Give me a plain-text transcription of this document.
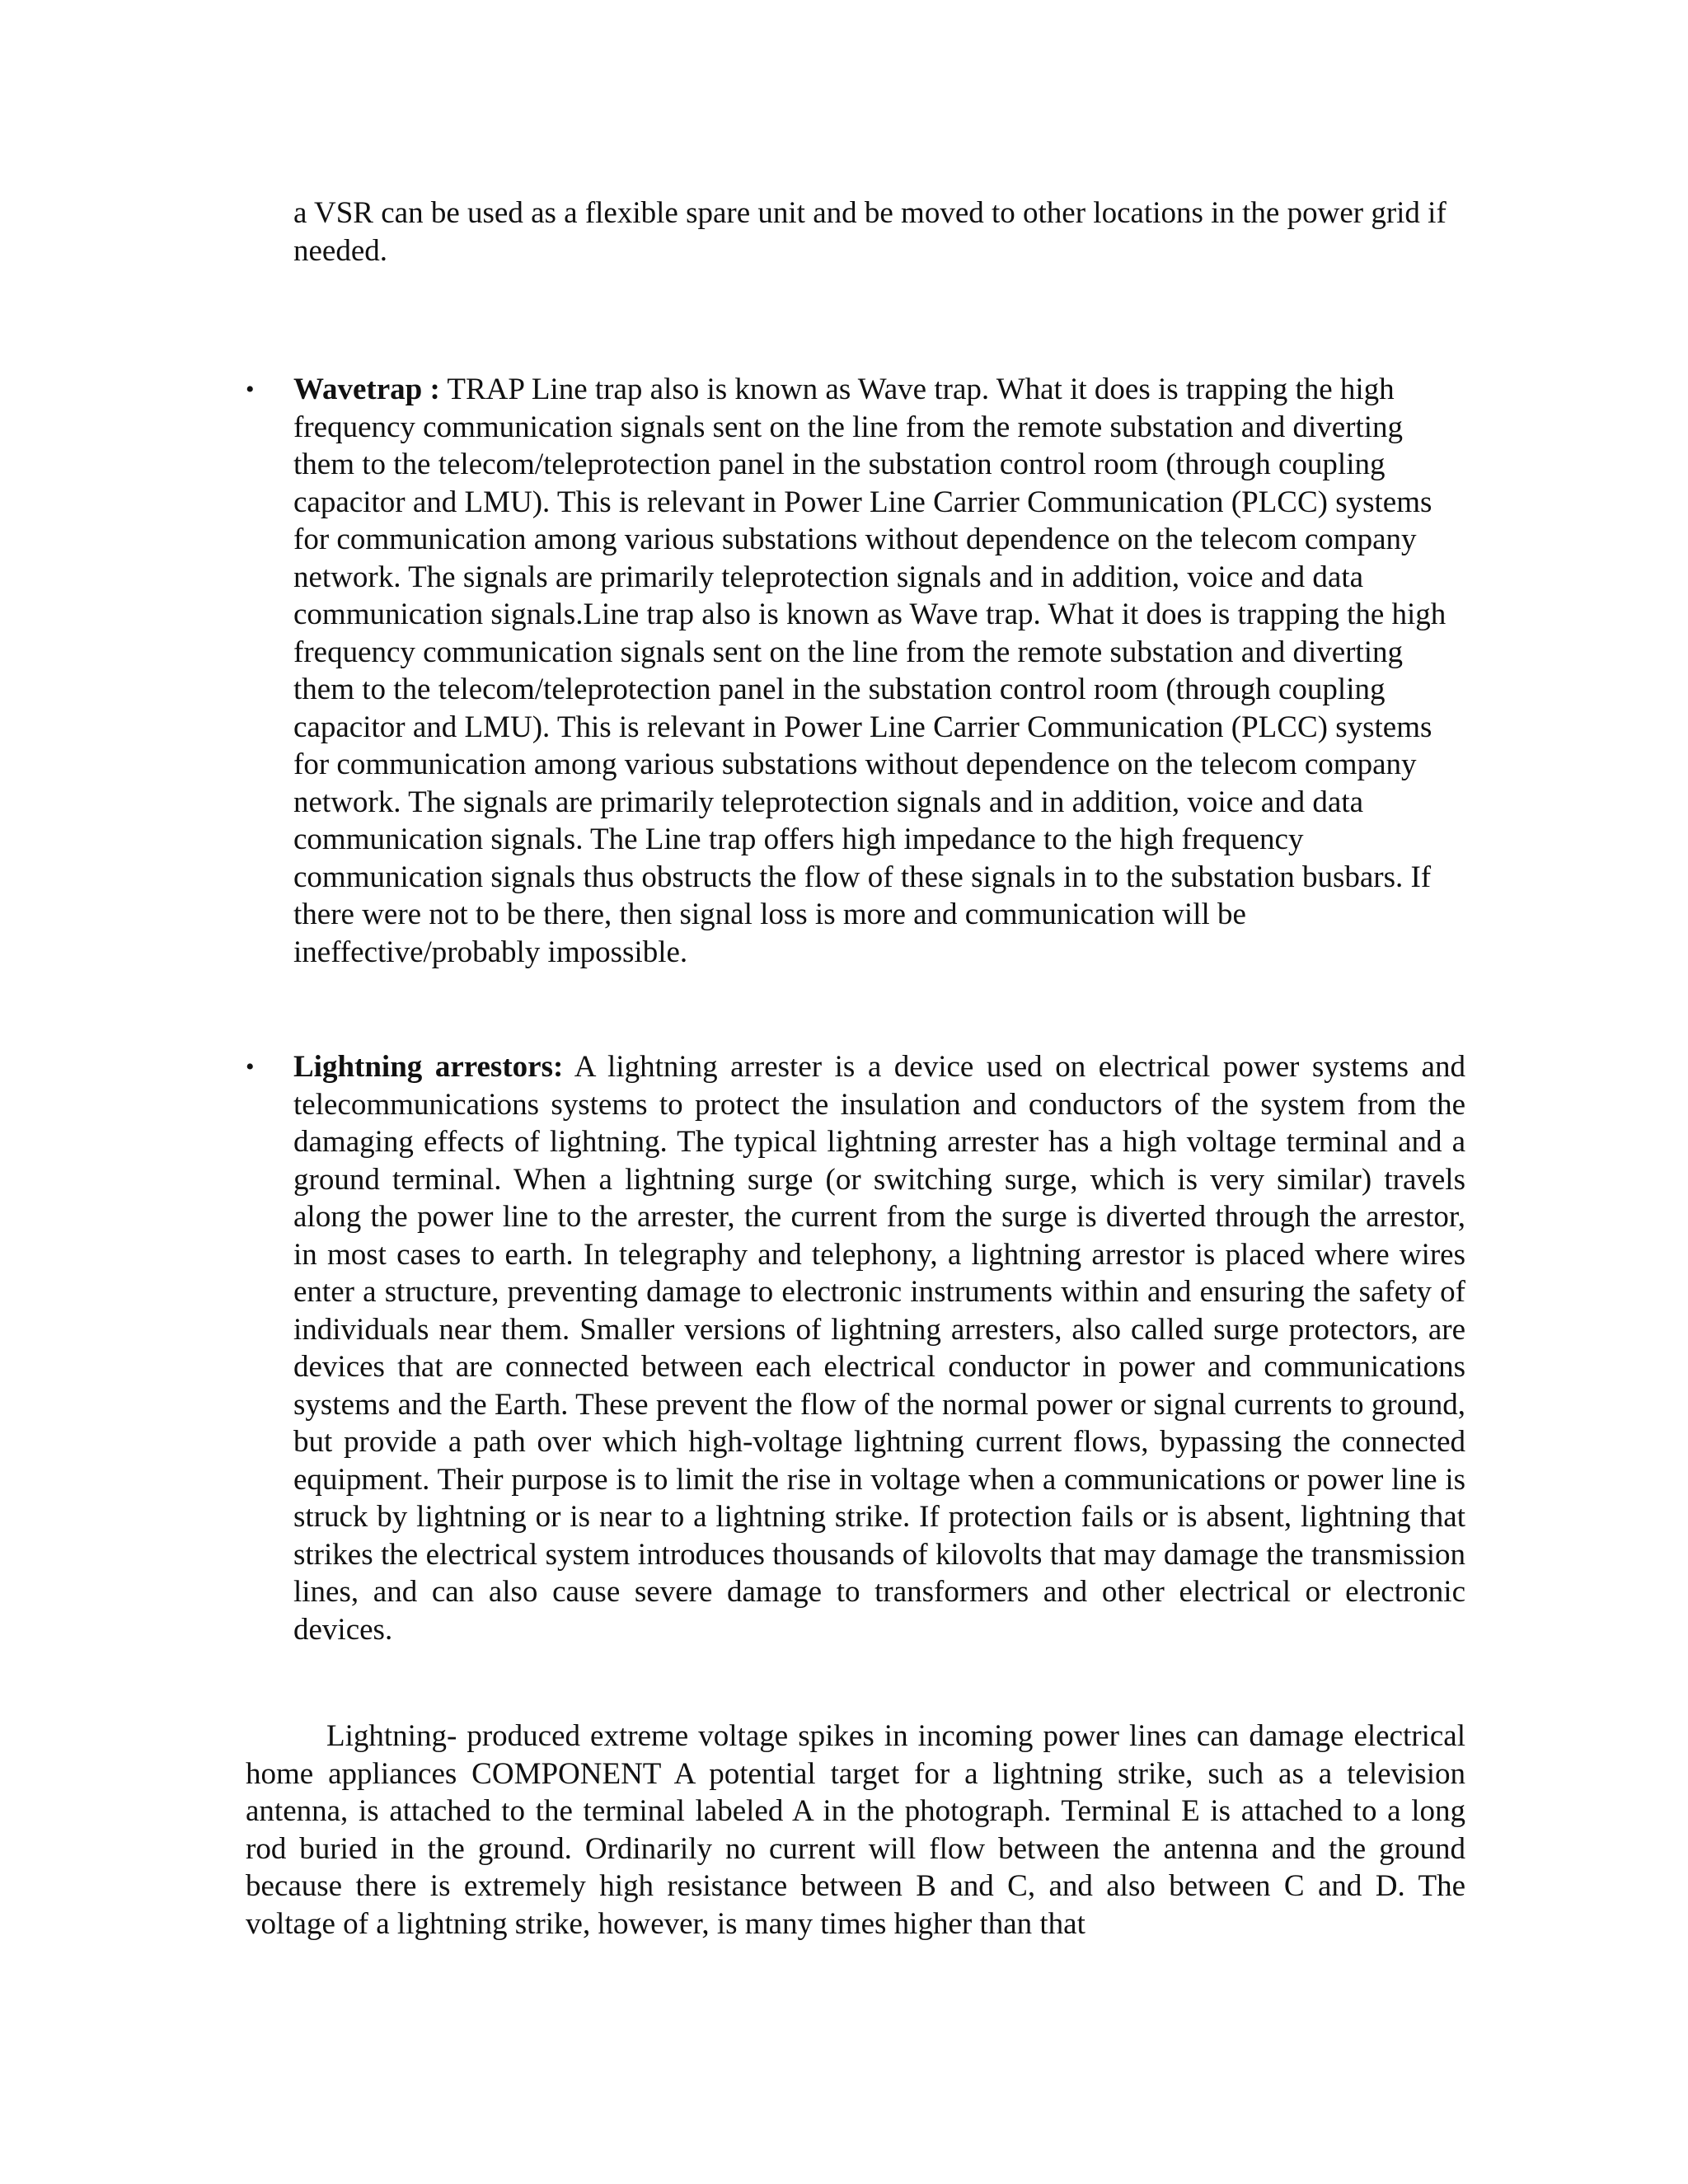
a VSR can be used as a flexible spare unit and be moved to other locations in the power grid if needed.

• Wavetrap : TRAP Line trap also is known as Wave trap. What it does is trapping the high frequency communication signals sent on the line from the remote substation and diverting them to the telecom/teleprotection panel in the substation control room (through coupling capacitor and LMU). This is relevant in Power Line Carrier Communication (PLCC) systems for communication among various substations without dependence on the telecom company network. The signals are primarily teleprotection signals and in addition, voice and data communication signals.Line trap also is known as Wave trap. What it does is trapping the high frequency communication signals sent on the line from the remote substation and diverting them to the telecom/teleprotection panel in the substation control room (through coupling capacitor and LMU). This is relevant in Power Line Carrier Communication (PLCC) systems for communication among various substations without dependence on the telecom company network. The signals are primarily teleprotection signals and in addition, voice and data communication signals. The Line trap offers high impedance to the high frequency communication signals thus obstructs the flow of these signals in to the substation busbars. If there were not to be there, then signal loss is more and communication will be ineffective/probably impossible.

• Lightning arrestors: A lightning arrester is a device used on electrical power systems and telecommunications systems to protect the insulation and conductors of the system from the damaging effects of lightning. The typical lightning arrester has a high voltage terminal and a ground terminal. When a lightning surge (or switching surge, which is very similar) travels along the power line to the arrester, the current from the surge is diverted through the arrestor, in most cases to earth. In telegraphy and telephony, a lightning arrestor is placed where wires enter a structure, preventing damage to electronic instruments within and ensuring the safety of individuals near them. Smaller versions of lightning arresters, also called surge protectors, are devices that are connected between each electrical conductor in power and communications systems and the Earth. These prevent the flow of the normal power or signal currents to ground, but provide a path over which high-voltage lightning current flows, bypassing the connected equipment. Their purpose is to limit the rise in voltage when a communications or power line is struck by lightning or is near to a lightning strike. If protection fails or is absent, lightning that strikes the electrical system introduces thousands of kilovolts that may damage the transmission lines, and can also cause severe damage to transformers and other electrical or electronic devices.

Lightning- produced extreme voltage spikes in incoming power lines can damage electrical home appliances COMPONENT A potential target for a lightning strike, such as a television antenna, is attached to the terminal labeled A in the photograph. Terminal E is attached to a long rod buried in the ground. Ordinarily no current will flow between the antenna and the ground because there is extremely high resistance between B and C, and also between C and D. The voltage of a lightning strike, however, is many times higher than that
